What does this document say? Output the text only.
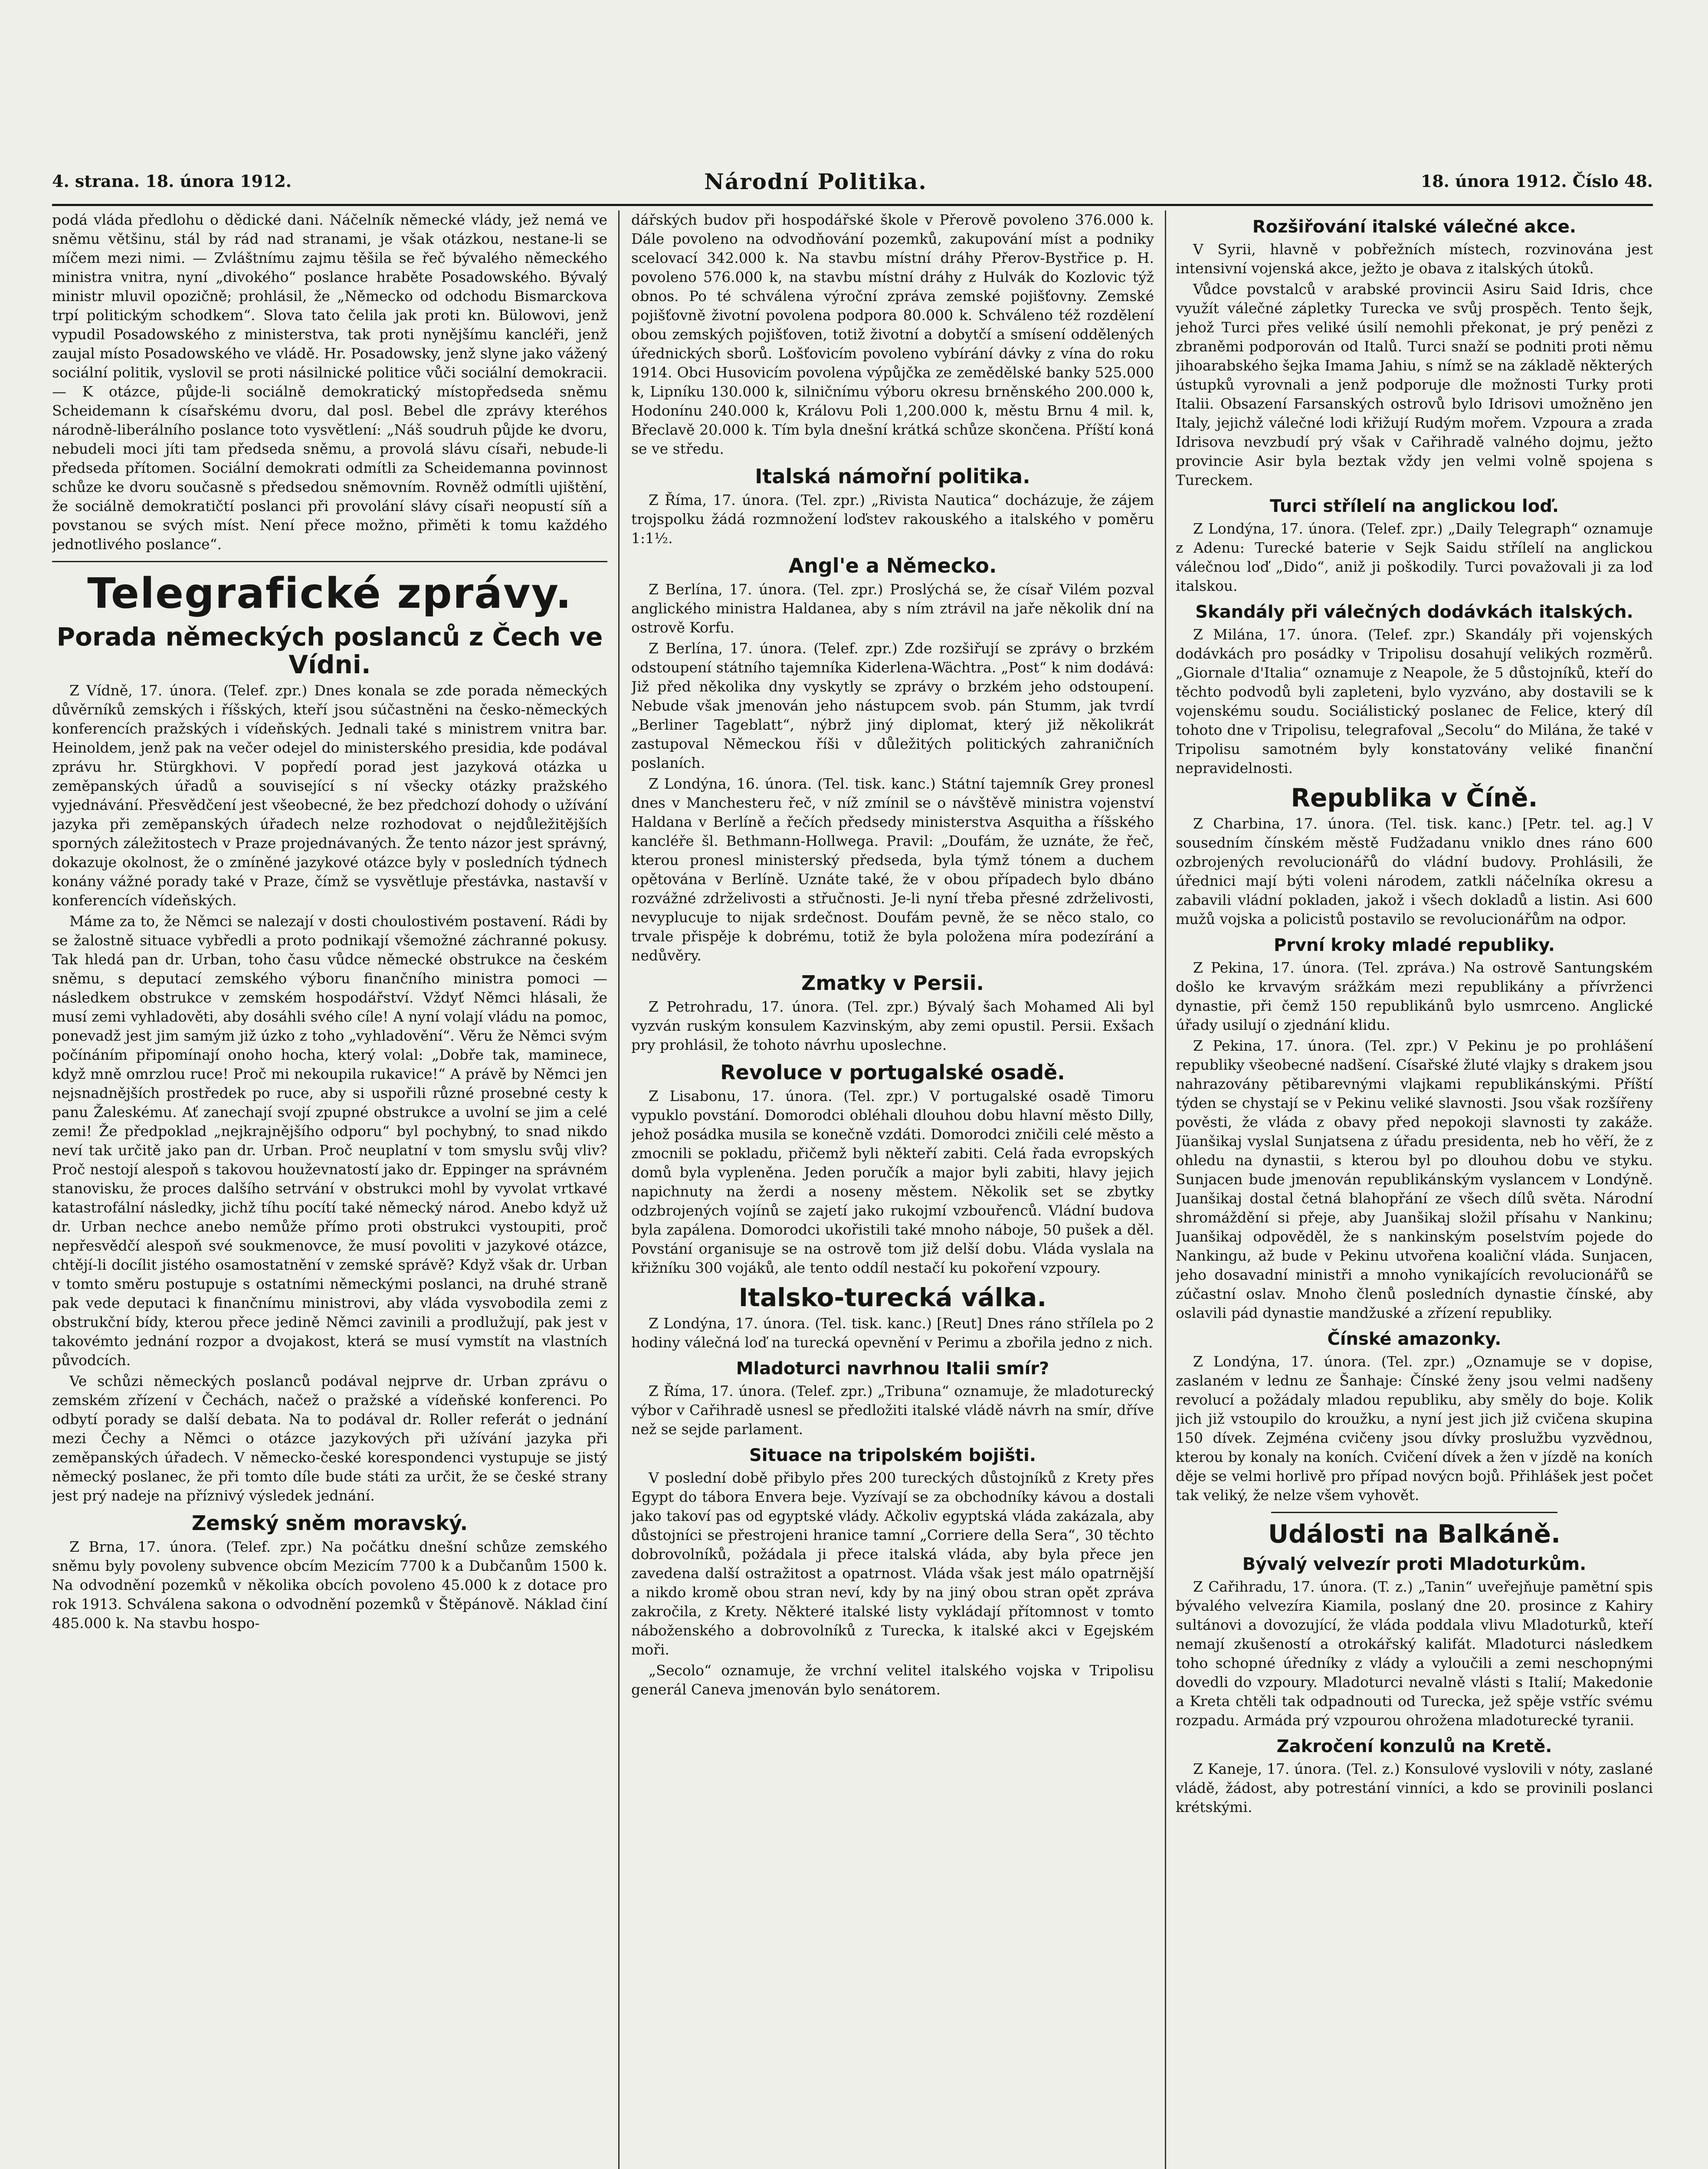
4. strana. 18. února 1912.	Národní Politika.	18. února 1912. Číslo 48.

podá vláda předlohu o dědické dani. Náčelník německé vlády, jež nemá ve sněmu většinu, stál by rád nad stranami, je však otázkou, nestane-li se míčem mezi nimi. — Zvláštnímu zajmu těšila se řeč bývalého německého ministra vnitra, nyní „divokého“ poslance hraběte Posadowského. Bývalý ministr mluvil opozičně; prohlásil, že „Německo od odchodu Bismarckova trpí politickým schodkem“. Slova tato čelila jak proti kn. Bülowovi, jenž vypudil Posadowského z ministerstva, tak proti nynějšímu kancléři, jenž zaujal místo Posadowského ve vládě. Hr. Posadowsky, jenž slyne jako vážený sociální politik, vyslovil se proti násilnické politice vůči sociální demokracii. — K otázce, půjde-li sociálně demokratický místopředseda sněmu Scheidemann k císařskému dvoru, dal posl. Bebel dle zprávy kteréhos národně-liberálního poslance toto vysvětlení: „Náš soudruh půjde ke dvoru, nebudeli moci jíti tam předseda sněmu, a provolá slávu císaři, nebude-li předseda přítomen. Sociální demokrati odmítli za Scheidemanna povinnost schůze ke dvoru současně s předsedou sněmovním. Rovněž odmítli ujištění, že sociálně demokratičtí poslanci při provolání slávy císaři neopustí síň a povstanou se svých míst. Není přece možno, přiměti k tomu každého jednotlivého poslance“.

Telegrafické zprávy.
Porada německých poslanců z Čech ve Vídni.

Z Vídně, 17. února. (Telef. zpr.) Dnes konala se zde porada německých důvěrníků zemských i říšských, kteří jsou súčastněni na česko-německých konferencích pražských i vídeňských. Jednali také s ministrem vnitra bar. Heinoldem, jenž pak na večer odejel do ministerského presidia, kde podával zprávu hr. Stürgkhovi. V popředí porad jest jazyková otázka u zeměpanských úřadů a související s ní všecky otázky pražského vyjednávání. Přesvědčení jest všeobecné, že bez předchozí dohody o užívání jazyka při zeměpanských úřadech nelze rozhodovat o nejdůležitějších sporných záležitostech v Praze projednávaných. Že tento názor jest správný, dokazuje okolnost, že o zmíněné jazykové otázce byly v posledních týdnech konány vážné porady také v Praze, čímž se vysvětluje přestávka, nastavší v konferencích vídeňských.

Máme za to, že Němci se nalezají v dosti choulostivém postavení. Rádi by se žalostně situace vybředli a proto podnikají všemožné záchranné pokusy. Tak hledá pan dr. Urban, toho času vůdce německé obstrukce na českém sněmu, s deputací zemského výboru finančního ministra pomoci — následkem obstrukce v zemském hospodářství. Vždyť Němci hlásali, že musí zemi vyhladověti, aby dosáhli svého cíle! A nyní volají vládu na pomoc, ponevadž jest jim samým již úzko z toho „vyhladovění“. Věru že Němci svým počínáním připomínají onoho hocha, který volal: „Dobře tak, maminece, když mně omrzlou ruce! Proč mi nekoupila rukavice!“ A právě by Němci jen nejsnadnějších prostředek po ruce, aby si uspořili různé prosebné cesty k panu Žaleskému. Ať zanechají svojí zpupné obstrukce a uvolní se jim a celé zemi! Že předpoklad „nejkrajnějšího odporu“ byl pochybný, to snad nikdo neví tak určitě jako pan dr. Urban. Proč neuplatní v tom smyslu svůj vliv? Proč nestojí alespoň s takovou houževnatostí jako dr. Eppinger na správném stanovisku, že proces dalšího setrvání v obstrukci mohl by vyvolat vrtkavé katastrofální následky, jichž tíhu pocítí také německý národ. Anebo když už dr. Urban nechce anebo nemůže přímo proti obstrukci vystoupiti, proč nepřesvědčí alespoň své soukmenovce, že musí povoliti v jazykové otázce, chtějí-li docílit jistého osamostatnění v zemské správě? Když však dr. Urban v tomto směru postupuje s ostatními německými poslanci, na druhé straně pak vede deputaci k finančnímu ministrovi, aby vláda vysvobodila zemi z obstrukční bídy, kterou přece jedině Němci zavinili a prodlužují, pak jest v takovémto jednání rozpor a dvojakost, která se musí vymstít na vlastních původcích.

Ve schůzi německých poslanců podával nejprve dr. Urban zprávu o zemském zřízení v Čechách, načež o pražské a vídeňské konferenci. Po odbytí porady se další debata. Na to podával dr. Roller referát o jednání mezi Čechy a Němci o otázce jazykových při užívání jazyka při zeměpanských úřadech. V německo-české korespondenci vystupuje se jistý německý poslanec, že při tomto díle bude státi za určit, že se české strany jest prý nadeje na příznivý výsledek jednání.

Zemský sněm moravský.

Z Brna, 17. února. (Telef. zpr.) Na počátku dnešní schůze zemského sněmu byly povoleny subvence obcím Mezicím 7700 k a Dubčanům 1500 k. Na odvodnění pozemků v několika obcích povoleno 45.000 k z dotace pro rok 1913. Schválena sakona o odvodnění pozemků v Štěpánově. Náklad činí 485.000 k. Na stavbu hospo-

dářských budov při hospodářské škole v Přerově povoleno 376.000 k. Dále povoleno na odvodňování pozemků, zakupování míst a podniky scelovací 342.000 k. Na stavbu místní dráhy Přerov-Bystřice p. H. povoleno 576.000 k, na stavbu místní dráhy z Hulvák do Kozlovic týž obnos. Po té schválena výroční zpráva zemské pojišťovny. Zemské pojišťovně životní povolena podpora 80.000 k. Schváleno též rozdělení obou zemských pojišťoven, totiž životní a dobytčí a smísení oddělených úřednických sborů. Lošťovicím povoleno vybírání dávky z vína do roku 1914. Obci Husovicím povolena výpůjčka ze zemědělské banky 525.000 k, Lipníku 130.000 k, silničnímu výboru okresu brněnského 200.000 k, Hodonínu 240.000 k, Královu Poli 1,200.000 k, městu Brnu 4 mil. k, Břeclavě 20.000 k. Tím byla dnešní krátká schůze skončena. Příští koná se ve středu.

Italská námořní politika.

Z Říma, 17. února. (Tel. zpr.) „Rivista Nautica“ docházuje, že zájem trojspolku žádá rozmnožení loďstev rakouského a italského v poměru 1:1½.

Angl'e a Německo.

Z Berlína, 17. února. (Tel. zpr.) Proslýchá se, že císař Vilém pozval anglického ministra Haldanea, aby s ním ztrávil na jaře několik dní na ostrově Korfu.

Z Berlína, 17. února. (Telef. zpr.) Zde rozšiřují se zprávy o brzkém odstoupení státního tajemníka Kiderlena-Wächtra. „Post“ k nim dodává: Již před několika dny vyskytly se zprávy o brzkém jeho odstoupení. Nebude však jmenován jeho nástupcem svob. pán Stumm, jak tvrdí „Berliner Tageblatt“, nýbrž jiný diplomat, který již několikrát zastupoval Německou říši v důležitých politických zahraničních poslaních.

Z Londýna, 16. února. (Tel. tisk. kanc.) Státní tajemník Grey pronesl dnes v Manchesteru řeč, v níž zmínil se o návštěvě ministra vojenství Haldana v Berlíně a řečích předsedy ministerstva Asquitha a říšského kancléře šl. Bethmann-Hollwega. Pravil: „Doufám, že uznáte, že řeč, kterou pronesl ministerský předseda, byla týmž tónem a duchem opětována v Berlíně. Uznáte také, že v obou případech bylo dbáno rozvážné zdrželivosti a střučnosti. Je-li nyní třeba přesné zdrželivosti, nevyplucuje to nijak srdečnost. Doufám pevně, že se něco stalo, co trvale přispěje k dobrému, totiž že byla položena míra podezírání a nedůvěry.

Zmatky v Persii.

Z Petrohradu, 17. února. (Tel. zpr.) Bývalý šach Mohamed Ali byl vyzván ruským konsulem Kazvinským, aby zemi opustil. Persii. Exšach pry prohlásil, že tohoto návrhu uposlechne.

Revoluce v portugalské osadě.

Z Lisabonu, 17. února. (Tel. zpr.) V portugalské osadě Timoru vypuklo povstání. Domorodci obléhali dlouhou dobu hlavní město Dilly, jehož posádka musila se konečně vzdáti. Domorodci zničili celé město a zmocnili se pokladu, přičemž byli někteří zabiti. Celá řada evropských domů byla vypleněna. Jeden poručík a major byli zabiti, hlavy jejich napichnuty na žerdi a noseny městem. Několik set se zbytky odzbrojených vojínů se zajetí jako rukojmí vzbouřenců. Vládní budova byla zapálena. Domorodci ukořistili také mnoho náboje, 50 pušek a děl. Povstání organisuje se na ostrově tom již delší dobu. Vláda vyslala na křižníku 300 vojáků, ale tento oddíl nestačí ku pokoření vzpoury.

Italsko-turecká válka.

Z Londýna, 17. února. (Tel. tisk. kanc.) [Reut] Dnes ráno střílela po 2 hodiny válečná loď na turecká opevnění v Perimu a zbořila jedno z nich.

Mladoturci navrhnou Italii smír?

Z Říma, 17. února. (Telef. zpr.) „Tribuna“ oznamuje, že mladoturecký výbor v Cařihradě usnesl se předložiti italské vládě návrh na smír, dříve než se sejde parlament.

Situace na tripolském bojišti.

V poslední době přibylo přes 200 tureckých důstojníků z Krety přes Egypt do tábora Envera beje. Vyzívají se za obchodníky kávou a dostali jako takoví pas od egyptské vlády. Ačkoliv egyptská vláda zakázala, aby důstojníci se přestrojeni hranice tamní „Corriere della Sera“, 30 těchto dobrovolníků, požádala ji přece italská vláda, aby byla přece jen zavedena další ostražitost a opatrnost. Vláda však jest málo opatrnější a nikdo kromě obou stran neví, kdy by na jiný obou stran opět zpráva zakročila, z Krety. Některé italské listy vykládají přítomnost v tomto náboženského a dobrovolníků z Turecka, k italské akci v Egejském moři.

„Secolo“ oznamuje, že vrchní velitel italského vojska v Tripolisu generál Caneva jmenován bylo senátorem.

Rozšiřování italské válečné akce.

V Syrii, hlavně v pobřežních místech, rozvinována jest intensivní vojenská akce, ježto je obava z italských útoků.

Vůdce povstalců v arabské provincii Asiru Said Idris, chce využít válečné zápletky Turecka ve svůj prospěch. Tento šejk, jehož Turci přes veliké úsilí nemohli překonat, je prý penězi z zbraněmi podporován od Italů. Turci snaží se podniti proti němu jihoarabského šejka Imama Jahiu, s nímž se na základě některých ústupků vyrovnali a jenž podporuje dle možnosti Turky proti Italii. Obsazení Farsanských ostrovů bylo Idrisovi umožněno jen Italy, jejichž válečné lodi křižují Rudým mořem. Vzpoura a zrada Idrisova nevzbudí prý však v Cařihradě valného dojmu, ježto provincie Asir byla beztak vždy jen velmi volně spojena s Tureckem.

Turci střílelí na anglickou loď.

Z Londýna, 17. února. (Telef. zpr.) „Daily Telegraph“ oznamuje z Adenu: Turecké baterie v Sejk Saidu střílelí na anglickou válečnou loď „Dido“, aniž ji poškodily. Turci považovali ji za loď italskou.

Skandály při válečných dodávkách italských.

Z Milána, 17. února. (Telef. zpr.) Skandály při vojenských dodávkách pro posádky v Tripolisu dosahují velikých rozměrů. „Giornale d'Italia“ oznamuje z Neapole, že 5 důstojníků, kteří do těchto podvodů byli zapleteni, bylo vyzváno, aby dostavili se k vojenskému soudu. Sociálistický poslanec de Felice, který díl tohoto dne v Tripolisu, telegrafoval „Secolu“ do Milána, že také v Tripolisu samotném byly konstatovány veliké finanční nepravidelnosti.

Republika v Číně.

Z Charbina, 17. února. (Tel. tisk. kanc.) [Petr. tel. ag.] V sousedním čínském městě Fudžadanu vniklo dnes ráno 600 ozbrojených revolucionářů do vládní budovy. Prohlásili, že úřednici mají býti voleni národem, zatkli náčelníka okresu a zabavili vládní pokladen, jakož i všech dokladů a listin. Asi 600 mužů vojska a policistů postavilo se revolucionářům na odpor.

První kroky mladé republiky.

Z Pekina, 17. února. (Tel. zpráva.) Na ostrově Santungském došlo ke krvavým srážkám mezi republikány a přívrženci dynastie, při čemž 150 republikánů bylo usmrceno. Anglické úřady usilují o zjednání klidu.

Z Pekina, 17. února. (Tel. zpr.) V Pekinu je po prohlášení republiky všeobecné nadšení. Císařské žluté vlajky s drakem jsou nahrazovány pětibarevnými vlajkami republikánskými. Příští týden se chystají se v Pekinu veliké slavnosti. Jsou však rozšířeny pověsti, že vláda z obavy před nepokoji slavnosti ty zakáže. Jüanšikaj vyslal Sunjatsena z úřadu presidenta, neb ho věří, že z ohledu na dynastii, s kterou byl po dlouhou dobu ve styku. Sunjacen bude jmenován republikánským vyslancem v Londýně. Juanšikaj dostal četná blahopřání ze všech dílů světa. Národní shromáždění si přeje, aby Juanšikaj složil přísahu v Nankinu; Juanšikaj odpověděl, že s nankinským poselstvím pojede do Nankingu, až bude v Pekinu utvořena koaliční vláda. Sunjacen, jeho dosavadní ministři a mnoho vynikajících revolucionářů se zúčastní oslav. Mnoho členů posledních dynastie čínské, aby oslavili pád dynastie mandžuské a zřízení republiky.

Čínské amazonky.

Z Londýna, 17. února. (Tel. zpr.) „Oznamuje se v dopise, zaslaném v lednu ze Šanhaje: Čínské ženy jsou velmi nadšeny revolucí a požádaly mladou republiku, aby směly do boje. Kolik jich již vstoupilo do kroužku, a nyní jest jich již cvičena skupina 150 dívek. Zejména cvičeny jsou dívky proslužbu vyzvědnou, kterou by konaly na koních. Cvičení dívek a žen v jízdě na koních děje se velmi horlivě pro případ novýcn bojů. Přihlášek jest počet tak veliký, že nelze všem vyhovět.

Události na Balkáně.
Bývalý velvezír proti Mladoturkům.

Z Cařihradu, 17. února. (T. z.) „Tanin“ uveřejňuje pamětní spis bývalého velvezíra Kiamila, poslaný dne 20. prosince z Kahiry sultánovi a dovozující, že vláda poddala vlivu Mladoturků, kteří nemají zkušeností a otrokářský kalifát. Mladoturci následkem toho schopné úředníky z vlády a vyloučili a zemi neschopnými dovedli do vzpoury. Mladoturci nevalně vlásti s Italií; Makedonie a Kreta chtěli tak odpadnouti od Turecka, jež spěje vstříc svému rozpadu. Armáda prý vzpourou ohrožena mladoturecké tyranii.

Zakročení konzulů na Kretě.

Z Kaneje, 17. února. (Tel. z.) Konsulové vyslovili v nóty, zaslané vládě, žádost, aby potrestání vinníci, a kdo se provinili poslanci krétskými.
